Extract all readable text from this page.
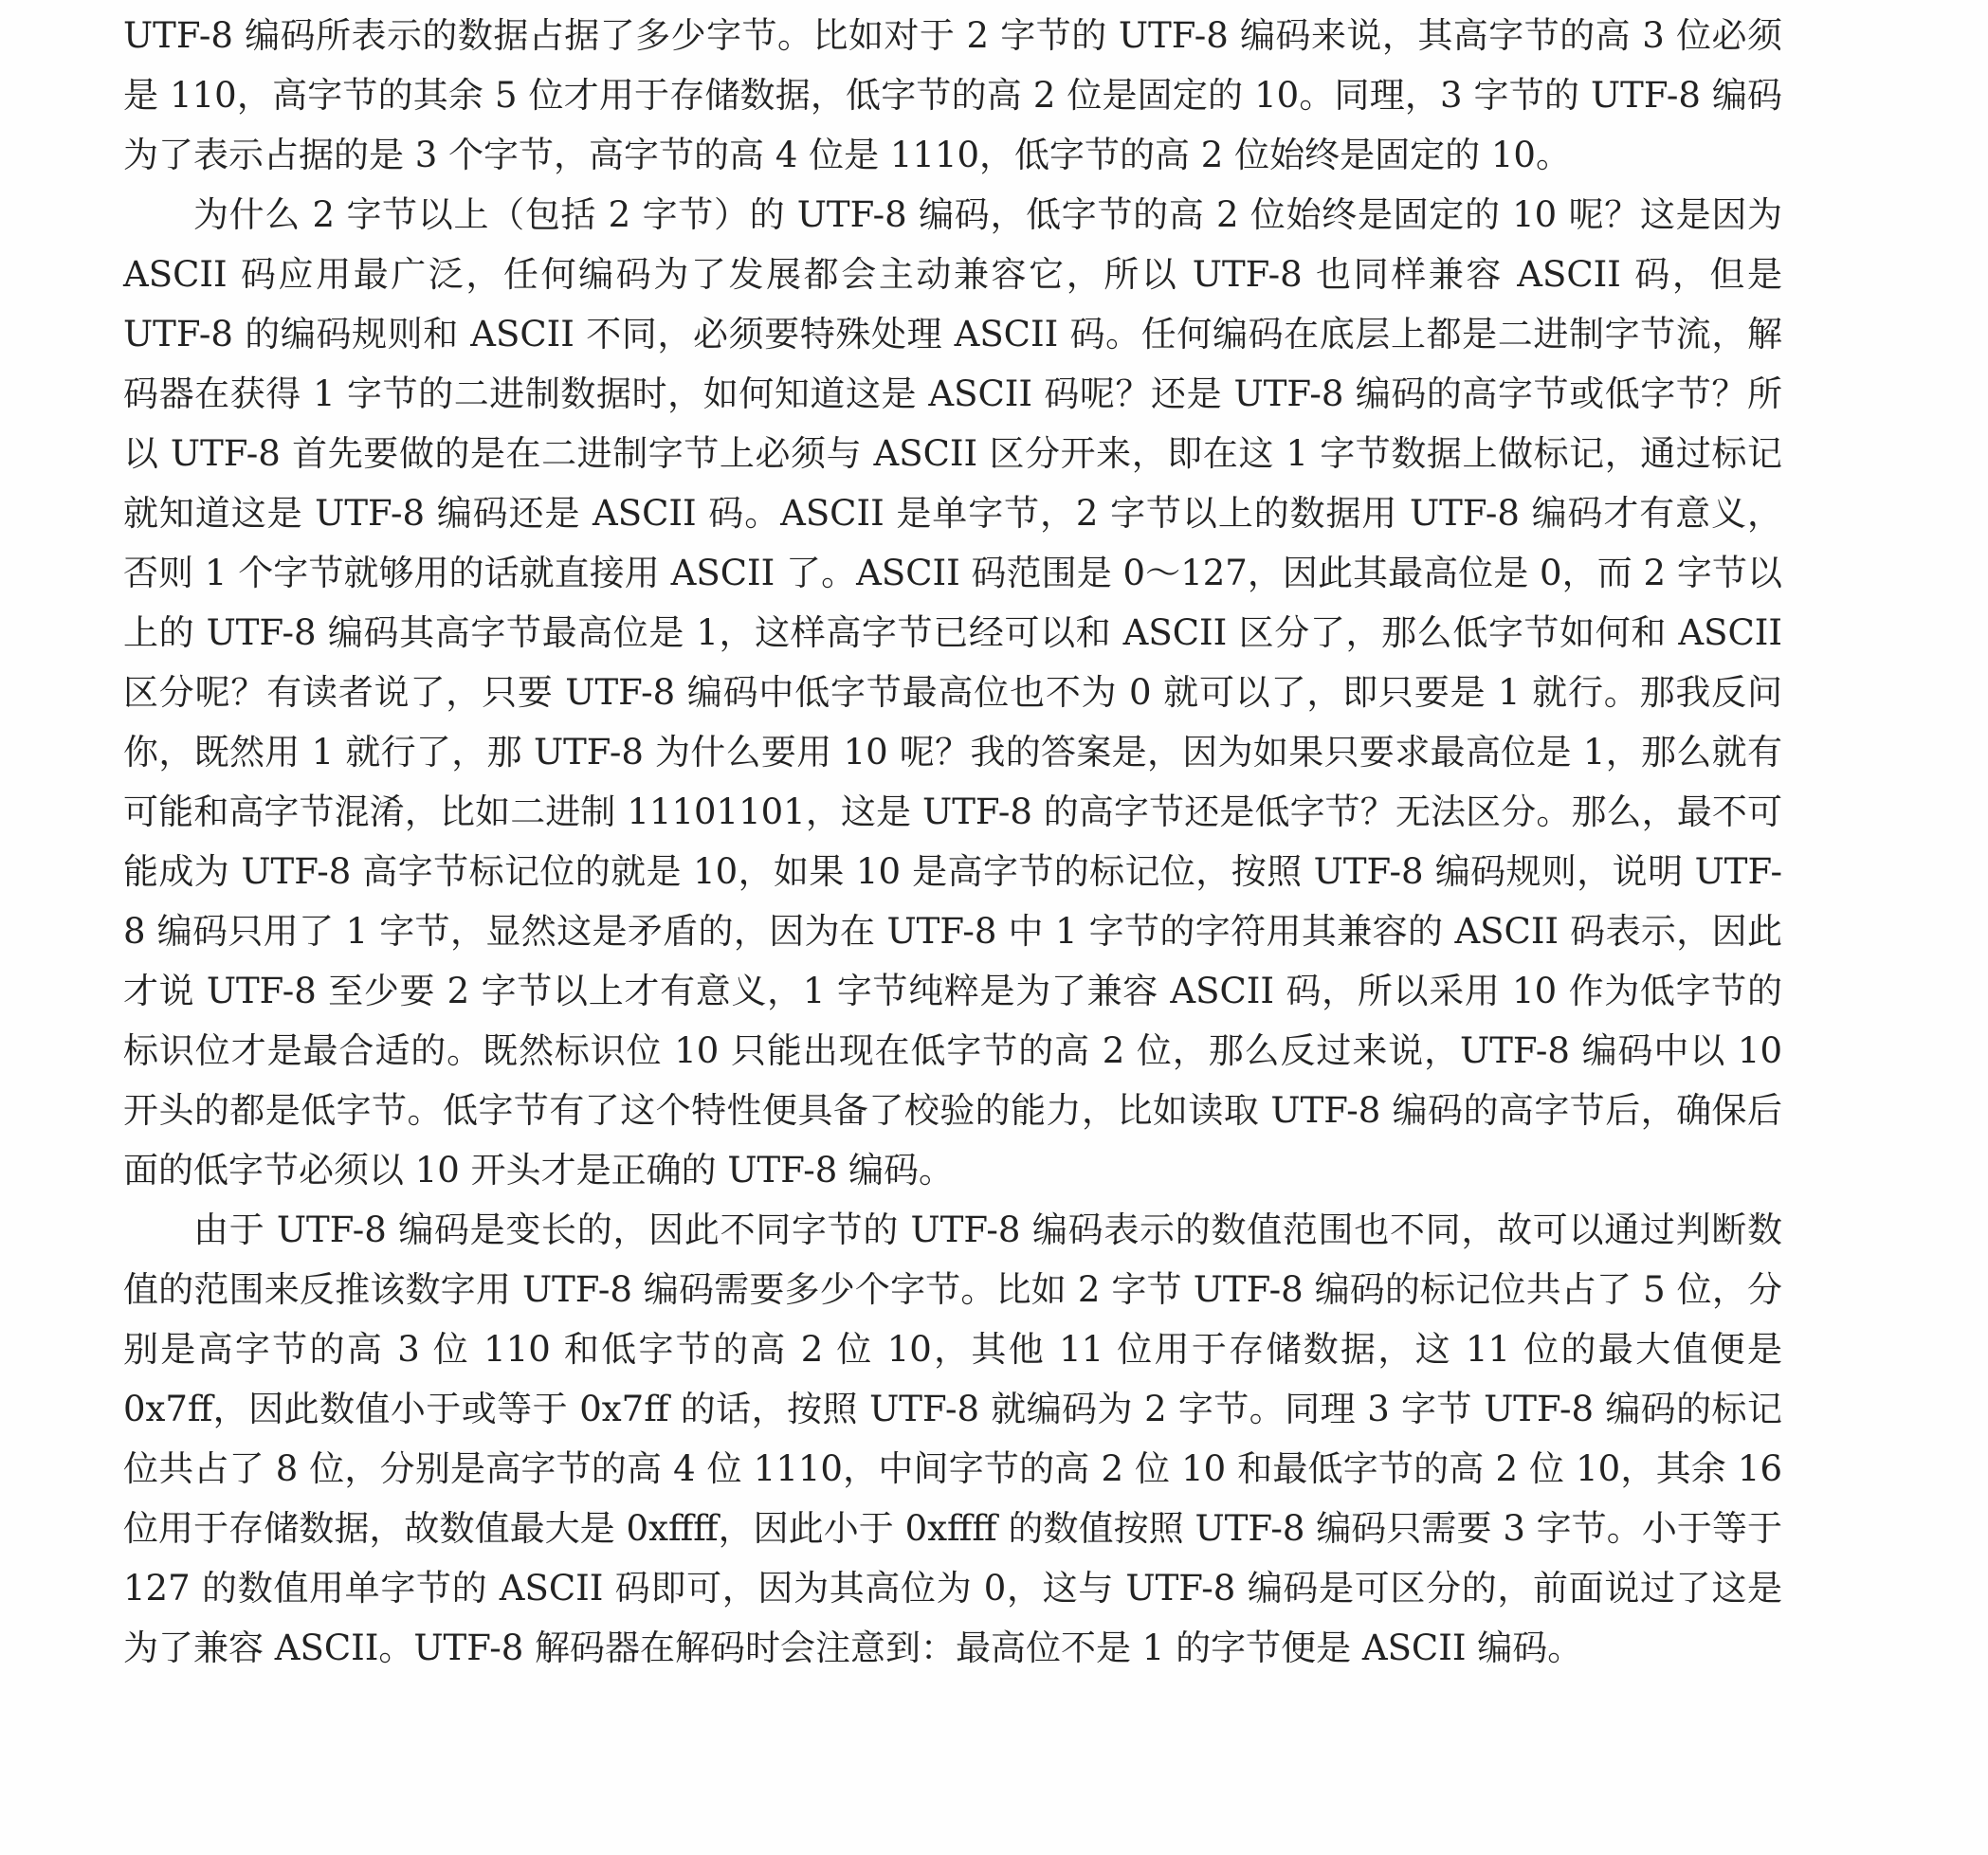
UTF-8 编码所表示的数据占据了多少字节。比如对于 2 字节的 UTF-8 编码来说，其高字节的高 3 位必须是 110，高字节的其余 5 位才用于存储数据，低字节的高 2 位是固定的 10。同理，3 字节的 UTF-8 编码为了表示占据的是 3 个字节，高字节的高 4 位是 1110，低字节的高 2 位始终是固定的 10。

为什么 2 字节以上（包括 2 字节）的 UTF-8 编码，低字节的高 2 位始终是固定的 10 呢？这是因为 ASCII 码应用最广泛，任何编码为了发展都会主动兼容它，所以 UTF-8 也同样兼容 ASCII 码，但是 UTF-8 的编码规则和 ASCII 不同，必须要特殊处理 ASCII 码。任何编码在底层上都是二进制字节流，解码器在获得 1 字节的二进制数据时，如何知道这是 ASCII 码呢？还是 UTF-8 编码的高字节或低字节？所以 UTF-8 首先要做的是在二进制字节上必须与 ASCII 区分开来，即在这 1 字节数据上做标记，通过标记就知道这是 UTF-8 编码还是 ASCII 码。ASCII 是单字节，2 字节以上的数据用 UTF-8 编码才有意义，否则 1 个字节就够用的话就直接用 ASCII 了。ASCII 码范围是 0～127，因此其最高位是 0，而 2 字节以上的 UTF-8 编码其高字节最高位是 1，这样高字节已经可以和 ASCII 区分了，那么低字节如何和 ASCII 区分呢？有读者说了，只要 UTF-8 编码中低字节最高位也不为 0 就可以了，即只要是 1 就行。那我反问你，既然用 1 就行了，那 UTF-8 为什么要用 10 呢？我的答案是，因为如果只要求最高位是 1，那么就有可能和高字节混淆，比如二进制 11101101，这是 UTF-8 的高字节还是低字节？无法区分。那么，最不可能成为 UTF-8 高字节标记位的就是 10，如果 10 是高字节的标记位，按照 UTF-8 编码规则，说明 UTF-8 编码只用了 1 字节，显然这是矛盾的，因为在 UTF-8 中 1 字节的字符用其兼容的 ASCII 码表示，因此才说 UTF-8 至少要 2 字节以上才有意义，1 字节纯粹是为了兼容 ASCII 码，所以采用 10 作为低字节的标识位才是最合适的。既然标识位 10 只能出现在低字节的高 2 位，那么反过来说，UTF-8 编码中以 10 开头的都是低字节。低字节有了这个特性便具备了校验的能力，比如读取 UTF-8 编码的高字节后，确保后面的低字节必须以 10 开头才是正确的 UTF-8 编码。

由于 UTF-8 编码是变长的，因此不同字节的 UTF-8 编码表示的数值范围也不同，故可以通过判断数值的范围来反推该数字用 UTF-8 编码需要多少个字节。比如 2 字节 UTF-8 编码的标记位共占了 5 位，分别是高字节的高 3 位 110 和低字节的高 2 位 10，其他 11 位用于存储数据，这 11 位的最大值便是 0x7ff，因此数值小于或等于 0x7ff 的话，按照 UTF-8 就编码为 2 字节。同理 3 字节 UTF-8 编码的标记位共占了 8 位，分别是高字节的高 4 位 1110，中间字节的高 2 位 10 和最低字节的高 2 位 10，其余 16 位用于存储数据，故数值最大是 0xffff，因此小于 0xffff 的数值按照 UTF-8 编码只需要 3 字节。小于等于 127 的数值用单字节的 ASCII 码即可，因为其高位为 0，这与 UTF-8 编码是可区分的，前面说过了这是为了兼容 ASCII。UTF-8 解码器在解码时会注意到：最高位不是 1 的字节便是 ASCII 编码。
